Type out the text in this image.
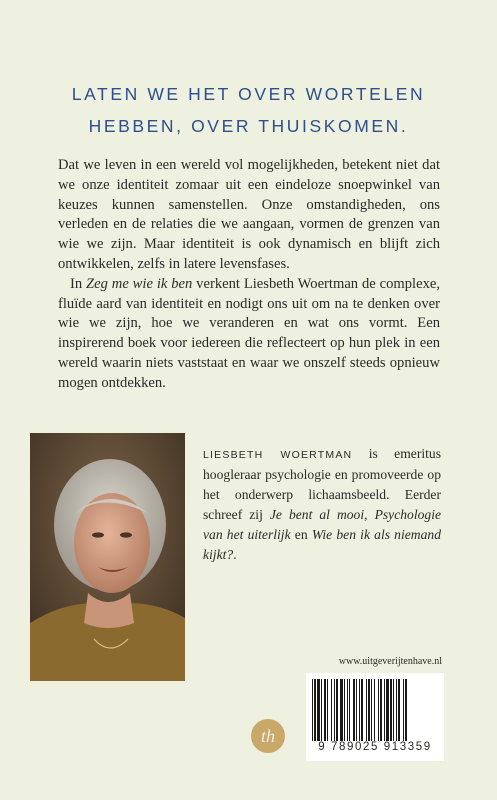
LATEN WE HET OVER WORTELEN
HEBBEN, OVER THUISKOMEN.

Dat we leven in een wereld vol mogelijkheden, betekent niet dat we onze identiteit zomaar uit een eindeloze snoepwinkel van keuzes kunnen samenstellen. Onze omstandigheden, ons verleden en de relaties die we aangaan, vormen de grenzen van wie we zijn. Maar identiteit is ook dynamisch en blijft zich ontwikkelen, zelfs in latere levensfases.

In Zeg me wie ik ben verkent Liesbeth Woertman de complexe, fluïde aard van identiteit en nodigt ons uit om na te denken over wie we zijn, hoe we veranderen en wat ons vormt. Een inspirerend boek voor iedereen die reflecteert op hun plek in een wereld waarin niets vaststaat en waar we onszelf steeds opnieuw mogen ontdekken.

LIESBETH WOERTMAN is emeritus hoogleraar psychologie en promoveerde op het onderwerp lichaamsbeeld. Eerder schreef zij Je bent al mooi, Psychologie van het uiterlijk en Wie ben ik als niemand kijkt?.
www.uitgeverijtenhave.nl
9 789025 913359
th
